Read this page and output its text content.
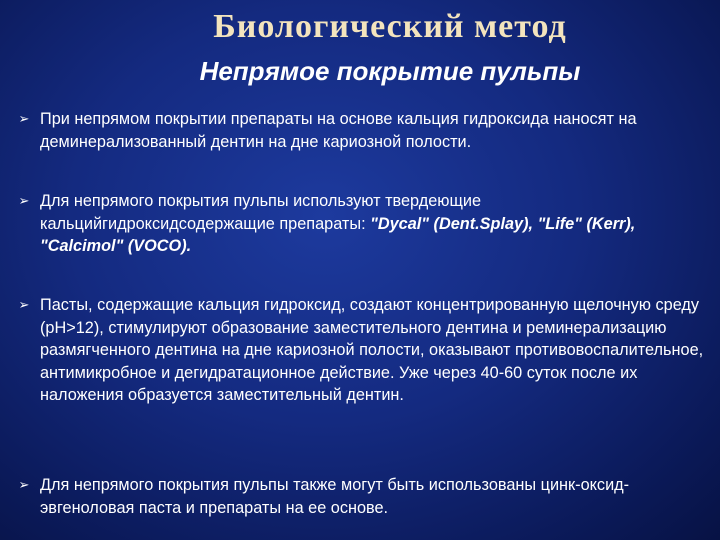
Биологический метод
Непрямое покрытие пульпы
➢ При непрямом покрытии препараты на основе кальция гидроксида наносят на деминерализованный дентин на дне кариозной полости.
➢ Для непрямого покрытия пульпы используют твердеющие кальцийгидроксидсодержащие препараты: "Dycal" (Dent.Splay), "Life" (Kerr), "Calcimol" (VOCO).
➢ Пасты, содержащие кальция гидроксид, создают концентрированную щелочную среду (рН>12), стимулируют образование заместительного дентина и реминерализацию размягченного дентина на дне кариозной полости, оказывают противовоспалительное, антимикробное и дегидратационное действие. Уже через 40-60 суток после их наложения образуется заместительный дентин.
➢ Для непрямого покрытия пульпы также могут быть использованы цинк-оксид-эвгеноловая паста и препараты на ее основе.
